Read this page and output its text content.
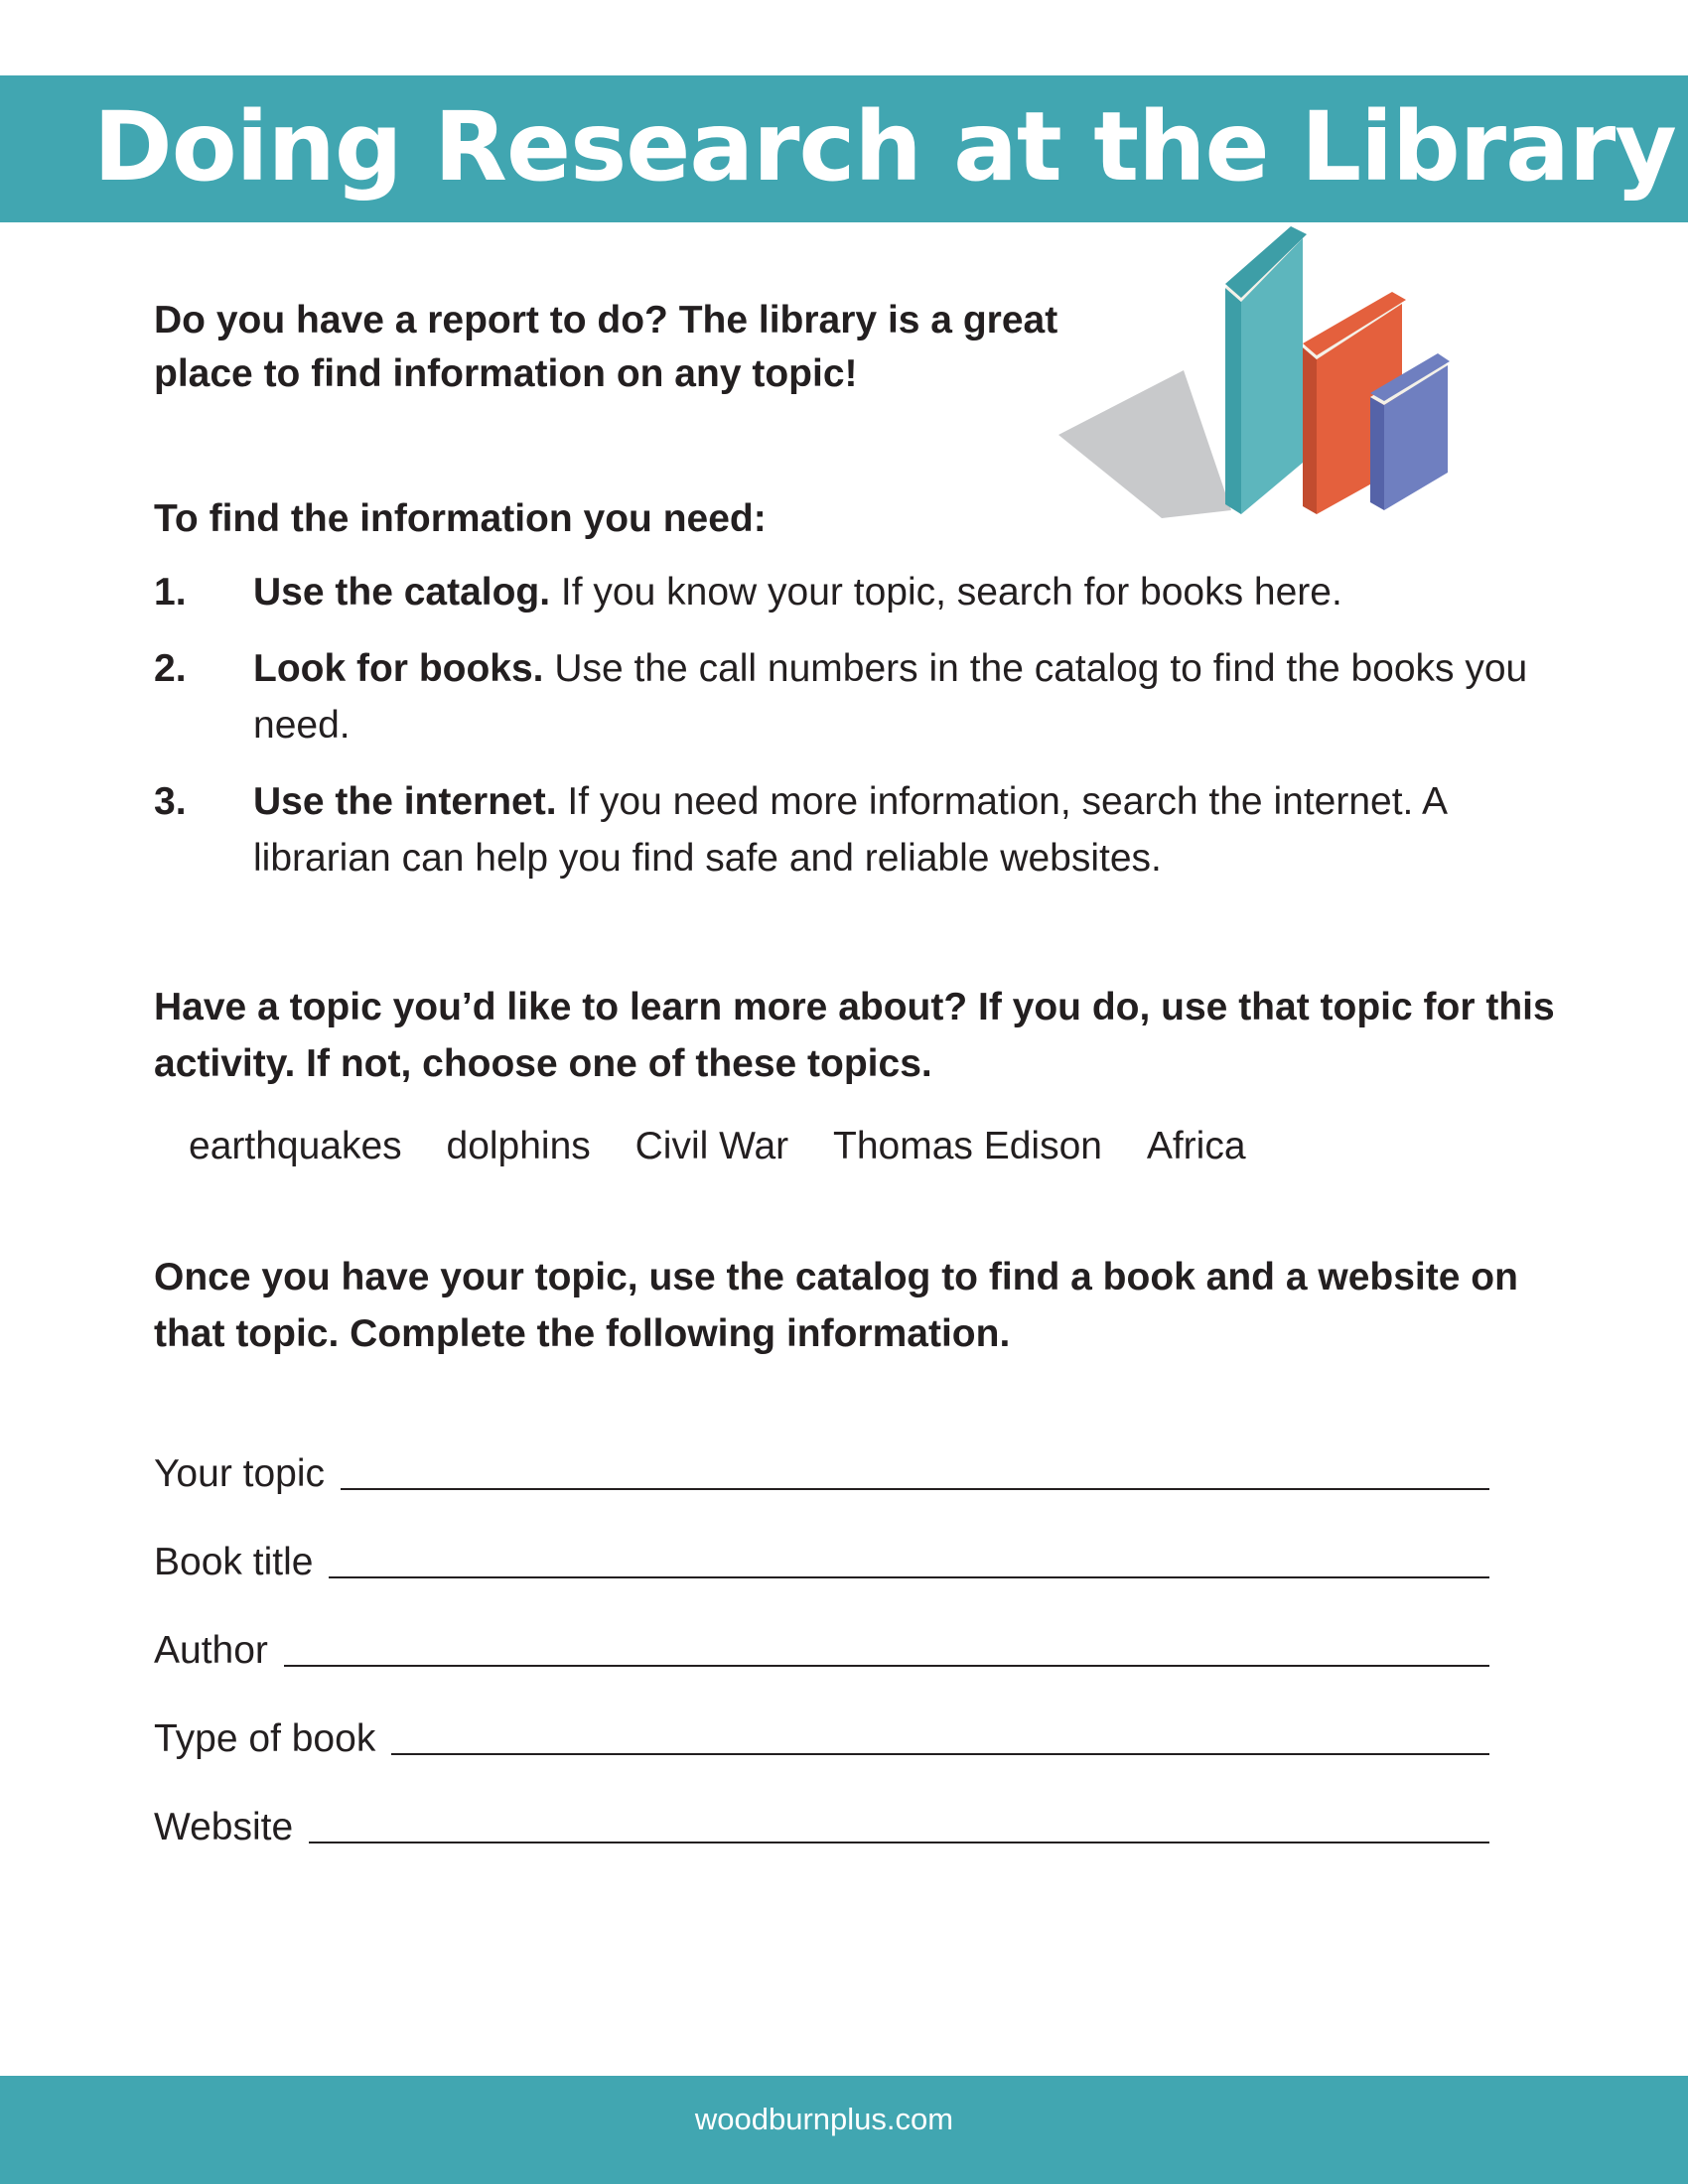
Doing Research at the Library

Do you have a report to do? The library is a great
place to find information on any topic!

To find the information you need:

1. Use the catalog. If you know your topic, search for books here.
2. Look for books. Use the call numbers in the catalog to find the books you need.
3. Use the internet. If you need more information, search the internet. A librarian can help you find safe and reliable websites.

Have a topic you’d like to learn more about? If you do, use that topic for this activity. If not, choose one of these topics.

earthquakes dolphins Civil War Thomas Edison Africa

Once you have your topic, use the catalog to find a book and a website on that topic. Complete the following information.

Your topic
Book title
Author
Type of book
Website
woodburnplus.com
